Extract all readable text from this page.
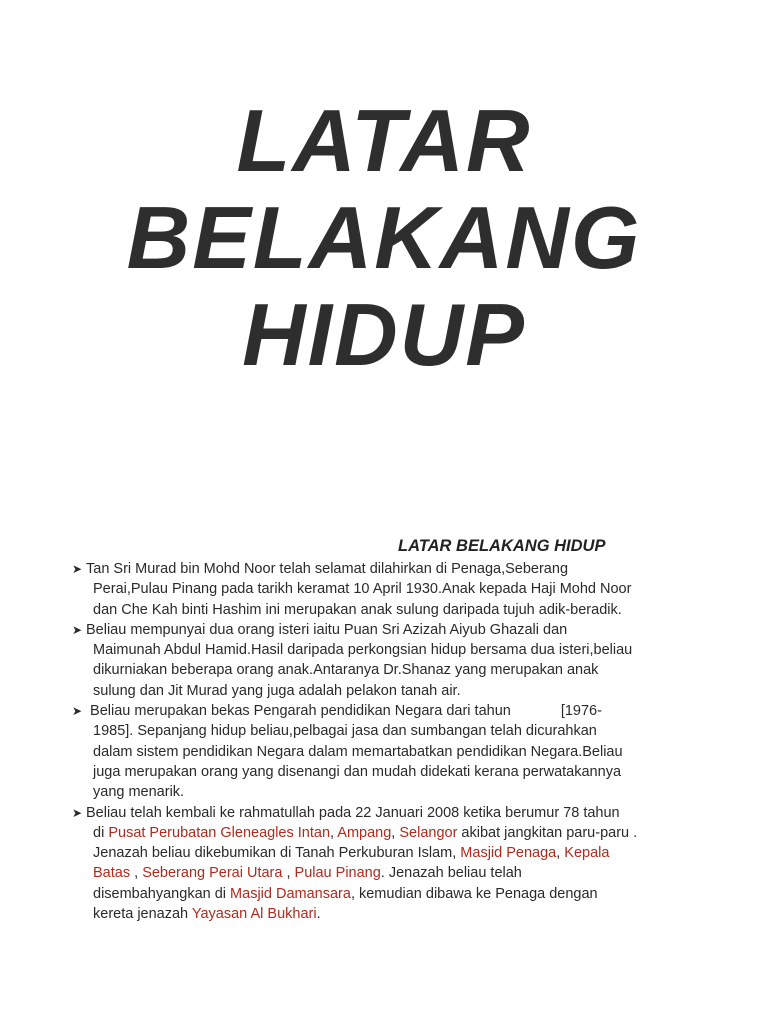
LATAR
BELAKANG
HIDUP
LATAR BELAKANG HIDUP
➤ Tan Sri Murad bin Mohd Noor telah selamat dilahirkan di Penaga,Seberang
Perai,Pulau Pinang pada tarikh keramat 10 April 1930.Anak kepada Haji Mohd Noor
dan Che Kah binti Hashim ini merupakan anak sulung daripada tujuh adik-beradik.
➤ Beliau mempunyai dua orang isteri iaitu Puan Sri Azizah Aiyub Ghazali dan
Maimunah Abdul Hamid.Hasil daripada perkongsian hidup bersama dua isteri,beliau
dikurniakan beberapa orang anak.Antaranya Dr.Shanaz yang merupakan anak
sulung dan Jit Murad yang juga adalah pelakon tanah air.
➤ Beliau merupakan bekas Pengarah pendidikan Negara dari tahun	[1976-
1985]. Sepanjang hidup beliau,pelbagai jasa dan sumbangan telah dicurahkan
dalam sistem pendidikan Negara dalam memartabatkan pendidikan Negara.Beliau
juga merupakan orang yang disenangi dan mudah didekati kerana perwatakannya
yang menarik.
➤ Beliau telah kembali ke rahmatullah pada 22 Januari 2008 ketika berumur 78 tahun
di Pusat Perubatan Gleneagles Intan, Ampang, Selangor akibat jangkitan paru-paru .
Jenazah beliau dikebumikan di Tanah Perkuburan Islam, Masjid Penaga, Kepala
Batas , Seberang Perai Utara , Pulau Pinang. Jenazah beliau telah
disembahyangkan di Masjid Damansara, kemudian dibawa ke Penaga dengan
kereta jenazah Yayasan Al Bukhari.
